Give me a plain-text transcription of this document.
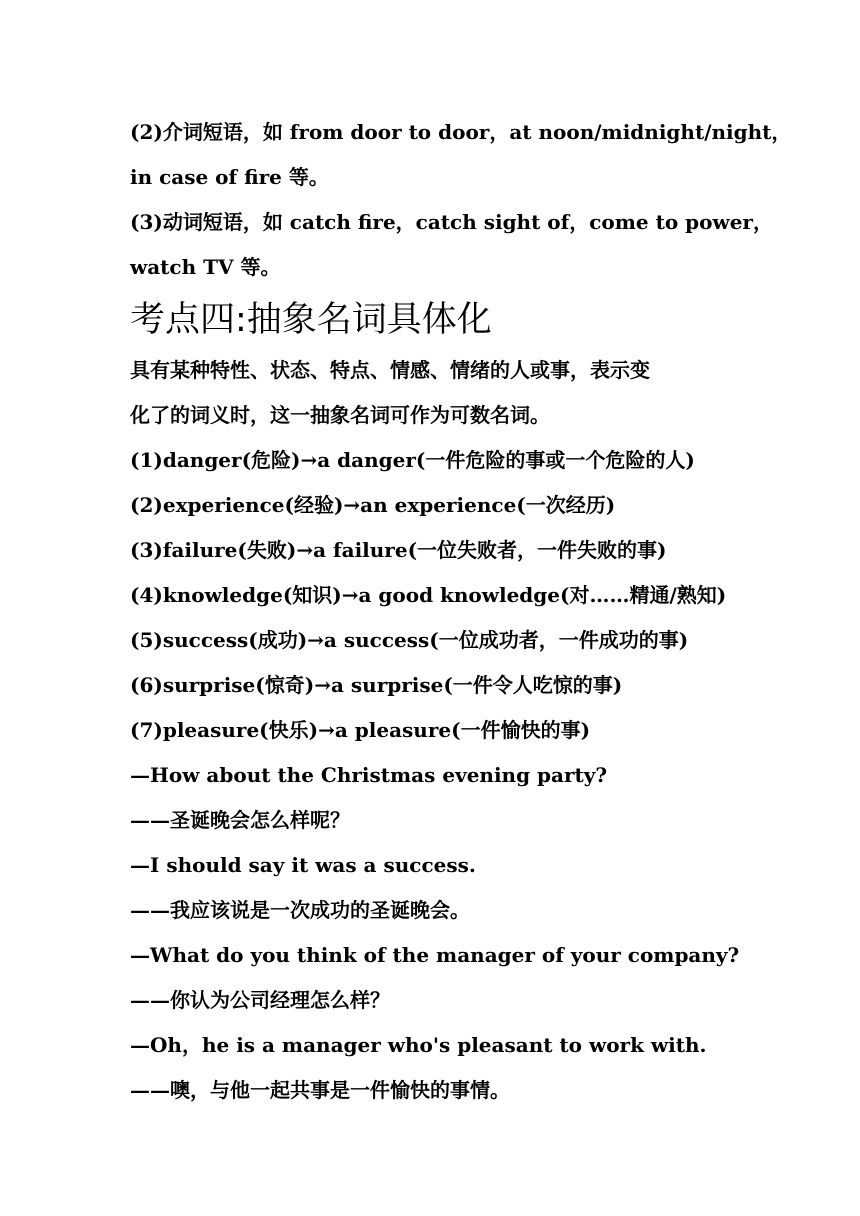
(2)介词短语，如 from door to door，at noon/midnight/night，
in case of fire 等。
(3)动词短语，如 catch fire，catch sight of，come to power，
watch TV 等。
考点四:抽象名词具体化
具有某种特性、状态、特点、情感、情绪的人或事，表示变
化了的词义时，这一抽象名词可作为可数名词。
(1)danger(危险)→a danger(一件危险的事或一个危险的人)
(2)experience(经验)→an experience(一次经历)
(3)failure(失败)→a failure(一位失败者，一件失败的事)
(4)knowledge(知识)→a good knowledge(对……精通/熟知)
(5)success(成功)→a success(一位成功者，一件成功的事)
(6)surprise(惊奇)→a surprise(一件令人吃惊的事)
(7)pleasure(快乐)→a pleasure(一件愉快的事)
—How about the Christmas evening party?
——圣诞晚会怎么样呢？
—I should say it was a success.
——我应该说是一次成功的圣诞晚会。
—What do you think of the manager of your company?
——你认为公司经理怎么样？
—Oh，he is a manager who's pleasant to work with.
——噢，与他一起共事是一件愉快的事情。
